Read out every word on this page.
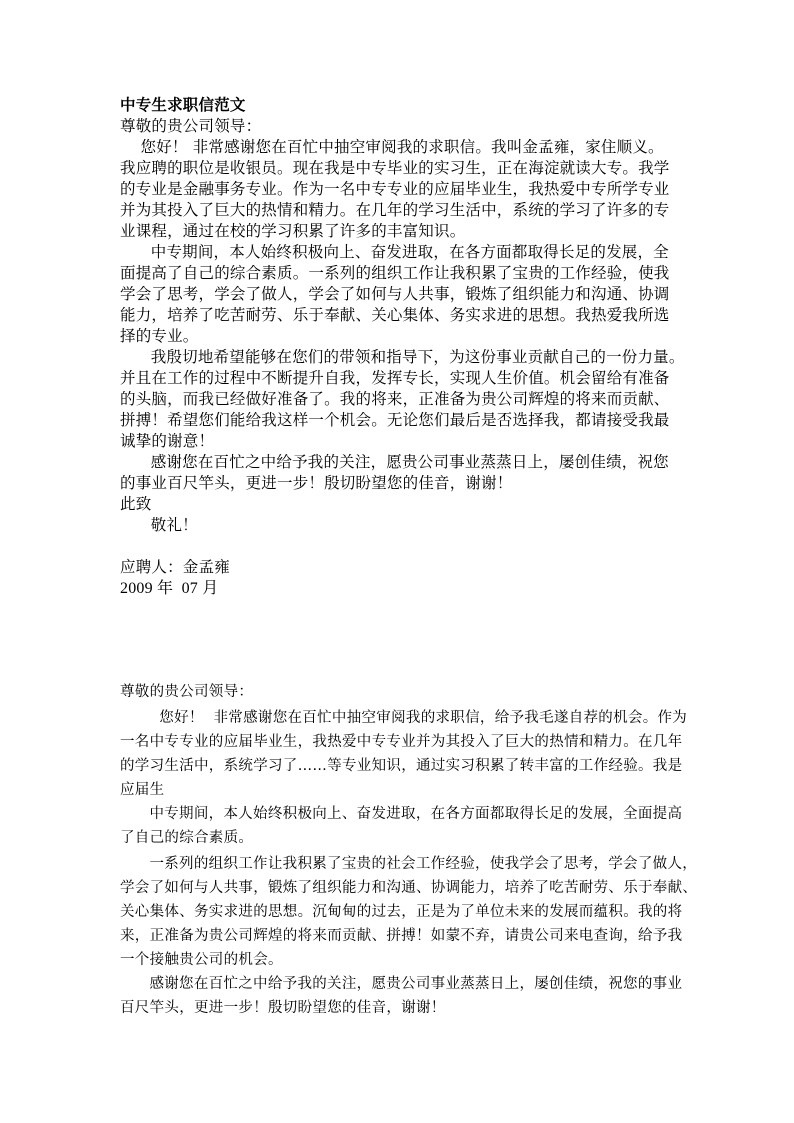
中专生求职信范文
尊敬的贵公司领导：
您好！ 非常感谢您在百忙中抽空审阅我的求职信。我叫金孟雍，家住顺义。
我应聘的职位是收银员。现在我是中专毕业的实习生，正在海淀就读大专。我学
的专业是金融事务专业。作为一名中专专业的应届毕业生，我热爱中专所学专业
并为其投入了巨大的热情和精力。在几年的学习生活中，系统的学习了许多的专
业课程，通过在校的学习积累了许多的丰富知识。
中专期间，本人始终积极向上、奋发进取，在各方面都取得长足的发展，全
面提高了自己的综合素质。一系列的组织工作让我积累了宝贵的工作经验，使我
学会了思考，学会了做人，学会了如何与人共事，锻炼了组织能力和沟通、协调
能力，培养了吃苦耐劳、乐于奉献、关心集体、务实求进的思想。我热爱我所选
择的专业。
我殷切地希望能够在您们的带领和指导下，为这份事业贡献自己的一份力量。
并且在工作的过程中不断提升自我，发挥专长，实现人生价值。机会留给有准备
的头脑，而我已经做好准备了。我的将来，正准备为贵公司辉煌的将来而贡献、
拼搏！希望您们能给我这样一个机会。无论您们最后是否选择我，都请接受我最
诚挚的谢意！
感谢您在百忙之中给予我的关注，愿贵公司事业蒸蒸日上，屡创佳绩，祝您
的事业百尺竿头，更进一步！殷切盼望您的佳音，谢谢！
此致
敬礼！
应聘人：金孟雍
2009 年  07 月
尊敬的贵公司领导：
您好！  非常感谢您在百忙中抽空审阅我的求职信，给予我毛遂自荐的机会。作为
一名中专专业的应届毕业生，我热爱中专专业并为其投入了巨大的热情和精力。在几年
的学习生活中，系统学习了……等专业知识，通过实习积累了转丰富的工作经验。我是
应届生
中专期间，本人始终积极向上、奋发进取，在各方面都取得长足的发展，全面提高
了自己的综合素质。
一系列的组织工作让我积累了宝贵的社会工作经验，使我学会了思考，学会了做人，
学会了如何与人共事，锻炼了组织能力和沟通、协调能力，培养了吃苦耐劳、乐于奉献、
关心集体、务实求进的思想。沉甸甸的过去，正是为了单位未来的发展而蕴积。我的将
来，正准备为贵公司辉煌的将来而贡献、拼搏！如蒙不弃，请贵公司来电查询，给予我
一个接触贵公司的机会。
感谢您在百忙之中给予我的关注，愿贵公司事业蒸蒸日上，屡创佳绩，祝您的事业
百尺竿头，更进一步！殷切盼望您的佳音，谢谢！
